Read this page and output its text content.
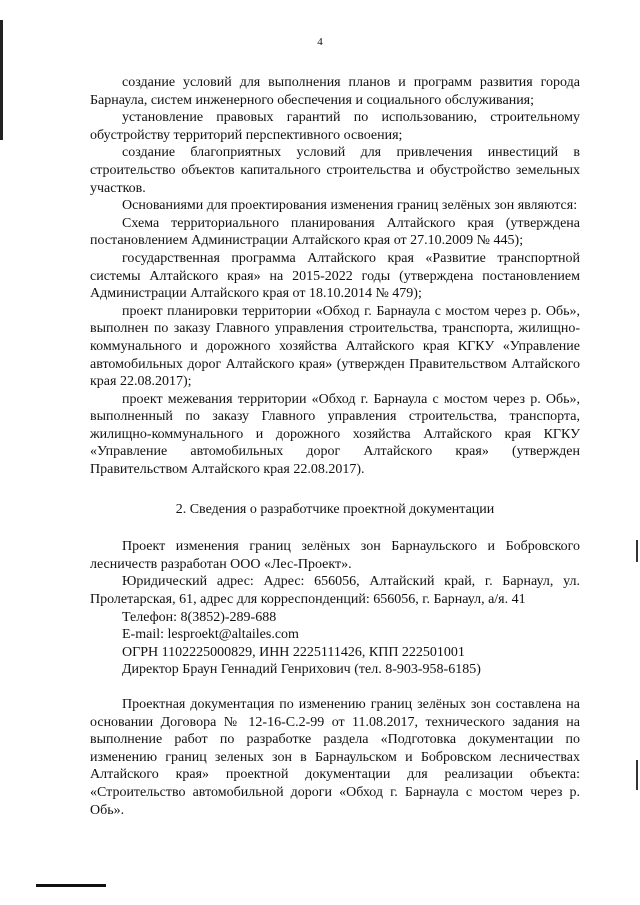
4

создание условий для выполнения планов и программ развития города Барнаула, систем инженерного обеспечения и социального обслуживания;

установление правовых гарантий по использованию, строительному обустройству территорий перспективного освоения;

создание благоприятных условий для привлечения инвестиций в строительство объектов капитального строительства и обустройство земельных участков.

Основаниями для проектирования изменения границ зелёных зон являются:

Схема территориального планирования Алтайского края (утверждена постановлением Администрации Алтайского края от 27.10.2009 № 445);

государственная программа Алтайского края «Развитие транспортной системы Алтайского края» на 2015-2022 годы (утверждена постановлением Администрации Алтайского края от 18.10.2014 № 479);

проект планировки территории «Обход г. Барнаула с мостом через р. Обь», выполнен по заказу Главного управления строительства, транспорта, жилищно-коммунального и дорожного хозяйства Алтайского края КГКУ «Управление автомобильных дорог Алтайского края» (утвержден Правительством Алтайского края 22.08.2017);

проект межевания территории «Обход г. Барнаула с мостом через р. Обь», выполненный по заказу Главного управления строительства, транспорта, жилищно-коммунального и дорожного хозяйства Алтайского края КГКУ «Управление автомобильных дорог Алтайского края» (утвержден Правительством Алтайского края 22.08.2017).

2. Сведения о разработчике проектной документации

Проект изменения границ зелёных зон Барнаульского и Бобровского лесничеств разработан ООО «Лес-Проект».

Юридический адрес: Адрес: 656056, Алтайский край, г. Барнаул, ул. Пролетарская, 61, адрес для корреспонденций: 656056, г. Барнаул, а/я. 41

Телефон: 8(3852)-289-688

E-mail: lesproekt@altailes.com

ОГРН 1102225000829, ИНН 2225111426, КПП 222501001

Директор Браун Геннадий Генрихович (тел. 8-903-958-6185)

Проектная документация по изменению границ зелёных зон составлена на основании Договора № 12-16-С.2-99 от 11.08.2017, технического задания на выполнение работ по разработке раздела «Подготовка документации по изменению границ зеленых зон в Барнаульском и Бобровском лесничествах Алтайского края» проектной документации для реализации объекта: «Строительство автомобильной дороги «Обход г. Барнаула с мостом через р. Обь».
